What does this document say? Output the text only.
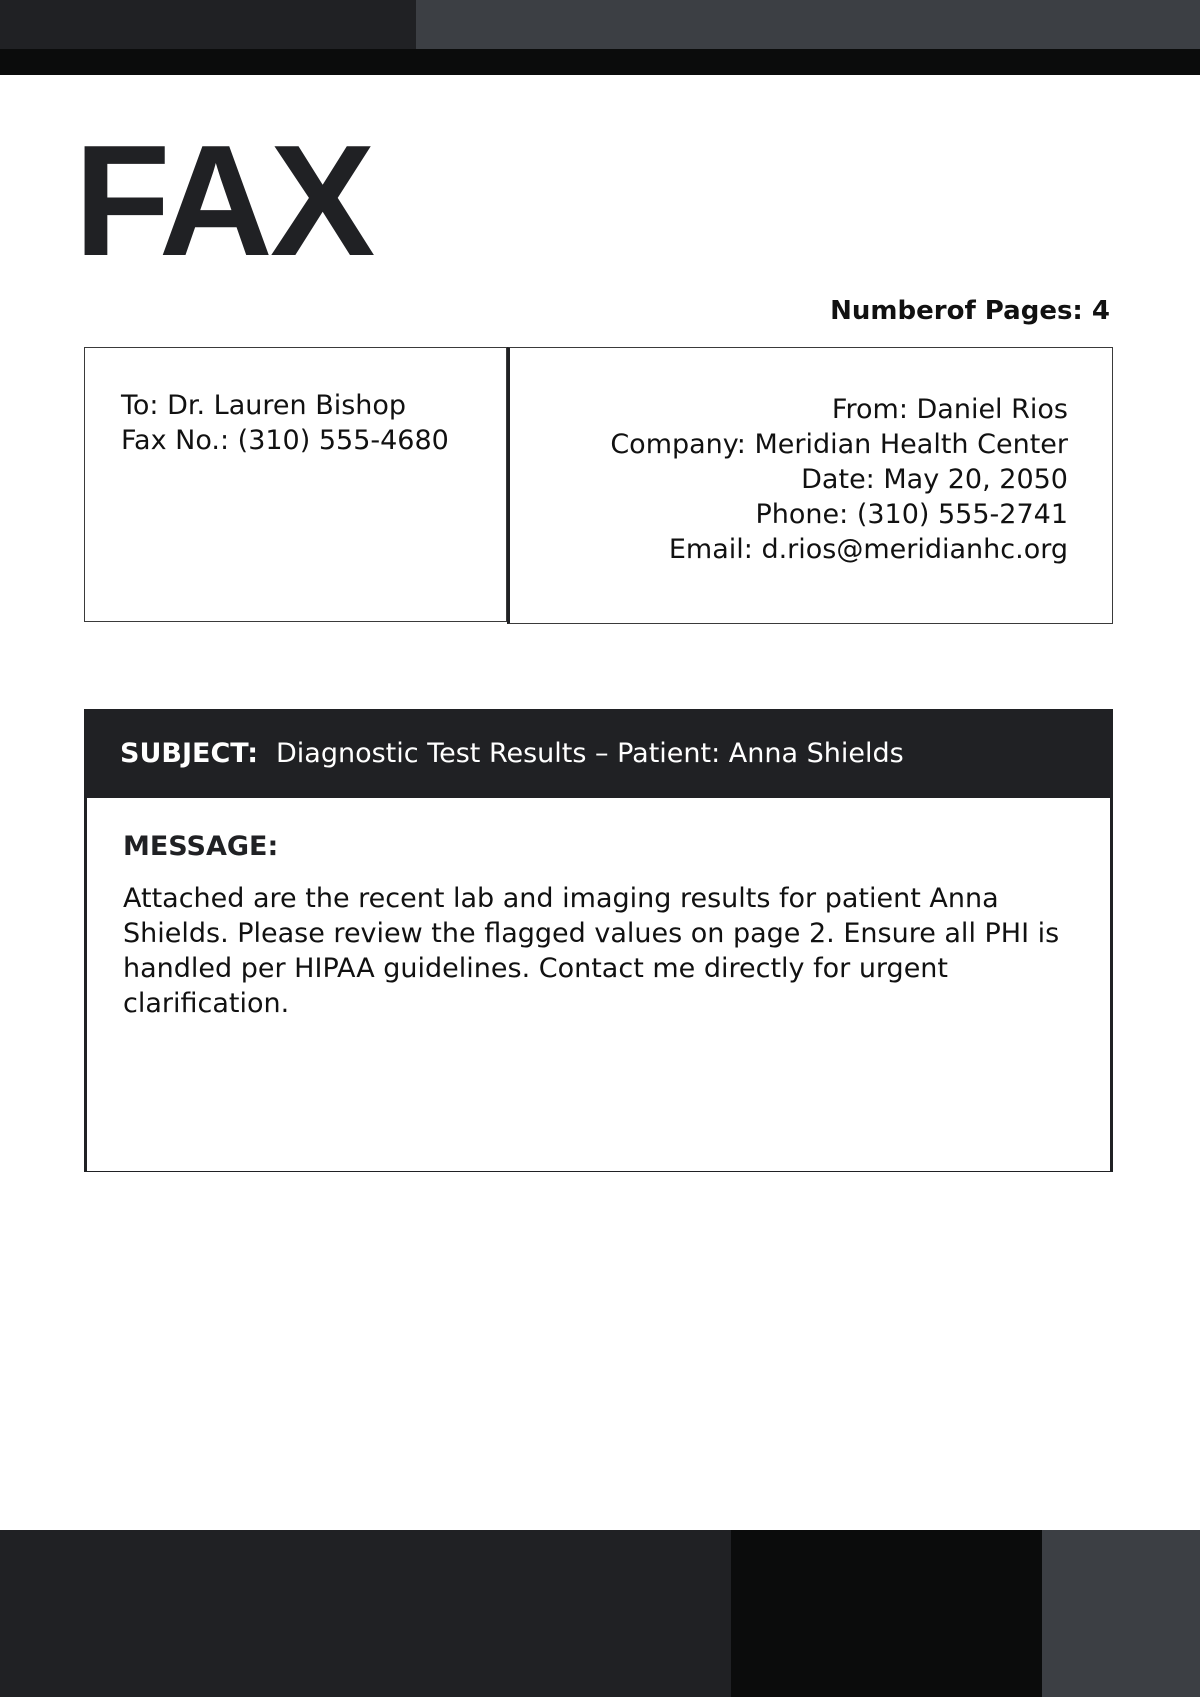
FAX
Numberof Pages: 4
To: Dr. Lauren Bishop
Fax No.: (310) 555-4680
From: Daniel Rios
Company: Meridian Health Center
Date: May 20, 2050
Phone: (310) 555-2741
Email: d.rios@meridianhc.org
SUBJECT: Diagnostic Test Results – Patient: Anna Shields
MESSAGE:

Attached are the recent lab and imaging results for patient Anna Shields. Please review the flagged values on page 2. Ensure all PHI is handled per HIPAA guidelines. Contact me directly for urgent clarification.
